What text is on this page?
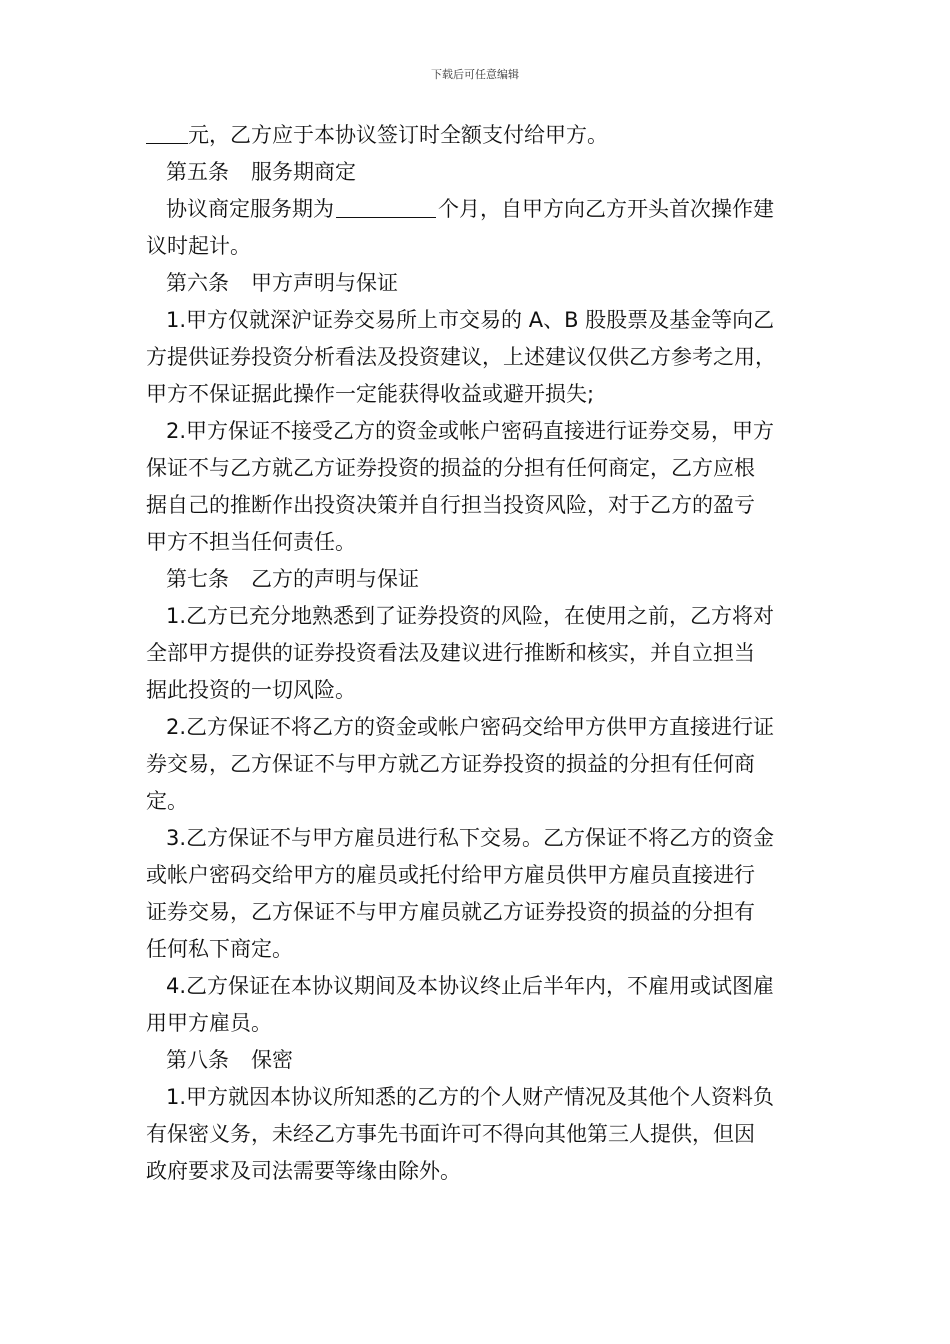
下载后可任意编辑

元，乙方应于本协议签订时全额支付给甲方。

第五条 服务期商定

协议商定服务期为	个月，自甲方向乙方开头首次操作建

议时起计。

第六条 甲方声明与保证

1.甲方仅就深沪证券交易所上市交易的 A、B 股股票及基金等向乙

方提供证券投资分析看法及投资建议，上述建议仅供乙方参考之用，

甲方不保证据此操作一定能获得收益或避开损失;

2.甲方保证不接受乙方的资金或帐户密码直接进行证券交易，甲方

保证不与乙方就乙方证券投资的损益的分担有任何商定，乙方应根

据自己的推断作出投资决策并自行担当投资风险，对于乙方的盈亏

甲方不担当任何责任。

第七条 乙方的声明与保证

1.乙方已充分地熟悉到了证券投资的风险，在使用之前，乙方将对

全部甲方提供的证券投资看法及建议进行推断和核实，并自立担当

据此投资的一切风险。

2.乙方保证不将乙方的资金或帐户密码交给甲方供甲方直接进行证

券交易，乙方保证不与甲方就乙方证券投资的损益的分担有任何商

定。

3.乙方保证不与甲方雇员进行私下交易。乙方保证不将乙方的资金

或帐户密码交给甲方的雇员或托付给甲方雇员供甲方雇员直接进行

证券交易，乙方保证不与甲方雇员就乙方证券投资的损益的分担有

任何私下商定。

4.乙方保证在本协议期间及本协议终止后半年内，不雇用或试图雇

用甲方雇员。

第八条 保密

1.甲方就因本协议所知悉的乙方的个人财产情况及其他个人资料负

有保密义务，未经乙方事先书面许可不得向其他第三人提供，但因

政府要求及司法需要等缘由除外。
